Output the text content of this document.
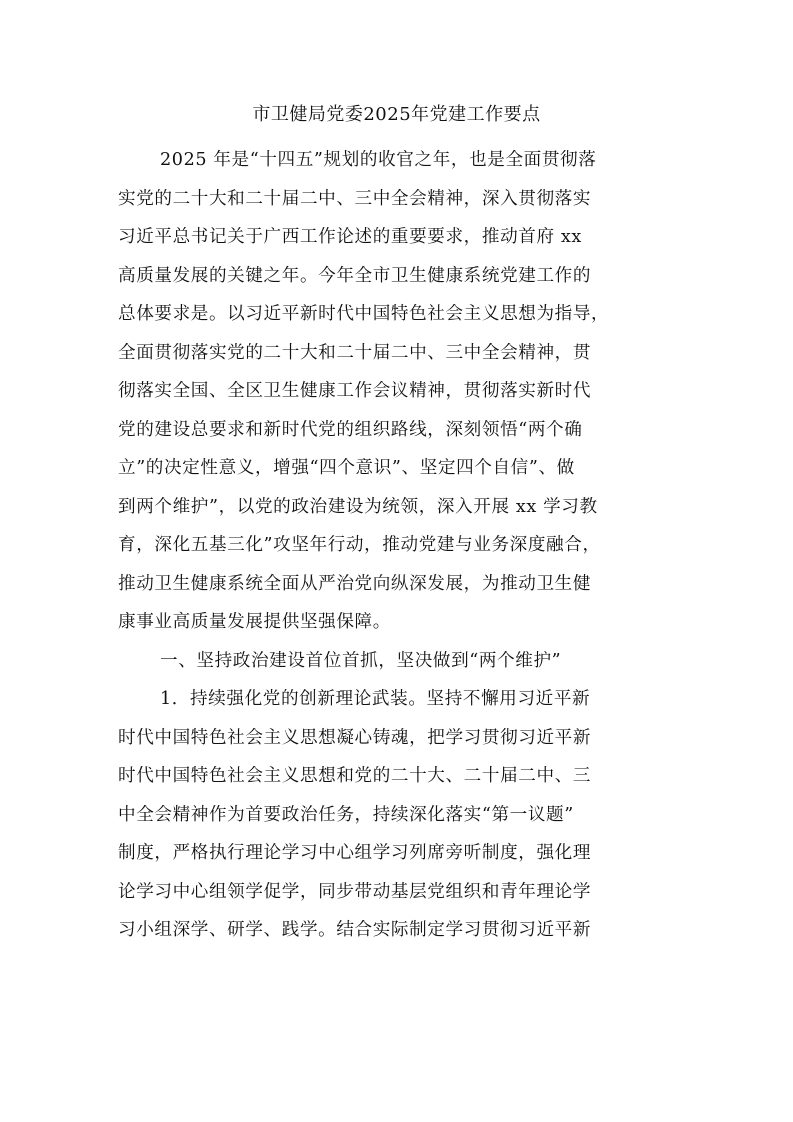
市卫健局党委2025年党建工作要点
2025 年是“十四五”规划的收官之年，也是全面贯彻落
实党的二十大和二十届二中、三中全会精神，深入贯彻落实
习近平总书记关于广西工作论述的重要要求，推动首府 xx
高质量发展的关键之年。今年全市卫生健康系统党建工作的
总体要求是。以习近平新时代中国特色社会主义思想为指导，
全面贯彻落实党的二十大和二十届二中、三中全会精神，贯
彻落实全国、全区卫生健康工作会议精神，贯彻落实新时代
党的建设总要求和新时代党的组织路线，深刻领悟“两个确
立”的决定性意义，增强“四个意识”、坚定四个自信”、做
到两个维护”，以党的政治建设为统领，深入开展 xx 学习教
育，深化五基三化”攻坚年行动，推动党建与业务深度融合，
推动卫生健康系统全面从严治党向纵深发展，为推动卫生健
康事业高质量发展提供坚强保障。
一、坚持政治建设首位首抓，坚决做到“两个维护”
1．持续强化党的创新理论武装。坚持不懈用习近平新
时代中国特色社会主义思想凝心铸魂，把学习贯彻习近平新
时代中国特色社会主义思想和党的二十大、二十届二中、三
中全会精神作为首要政治任务，持续深化落实“第一议题”
制度，严格执行理论学习中心组学习列席旁听制度，强化理
论学习中心组领学促学，同步带动基层党组织和青年理论学
习小组深学、研学、践学。结合实际制定学习贯彻习近平新
